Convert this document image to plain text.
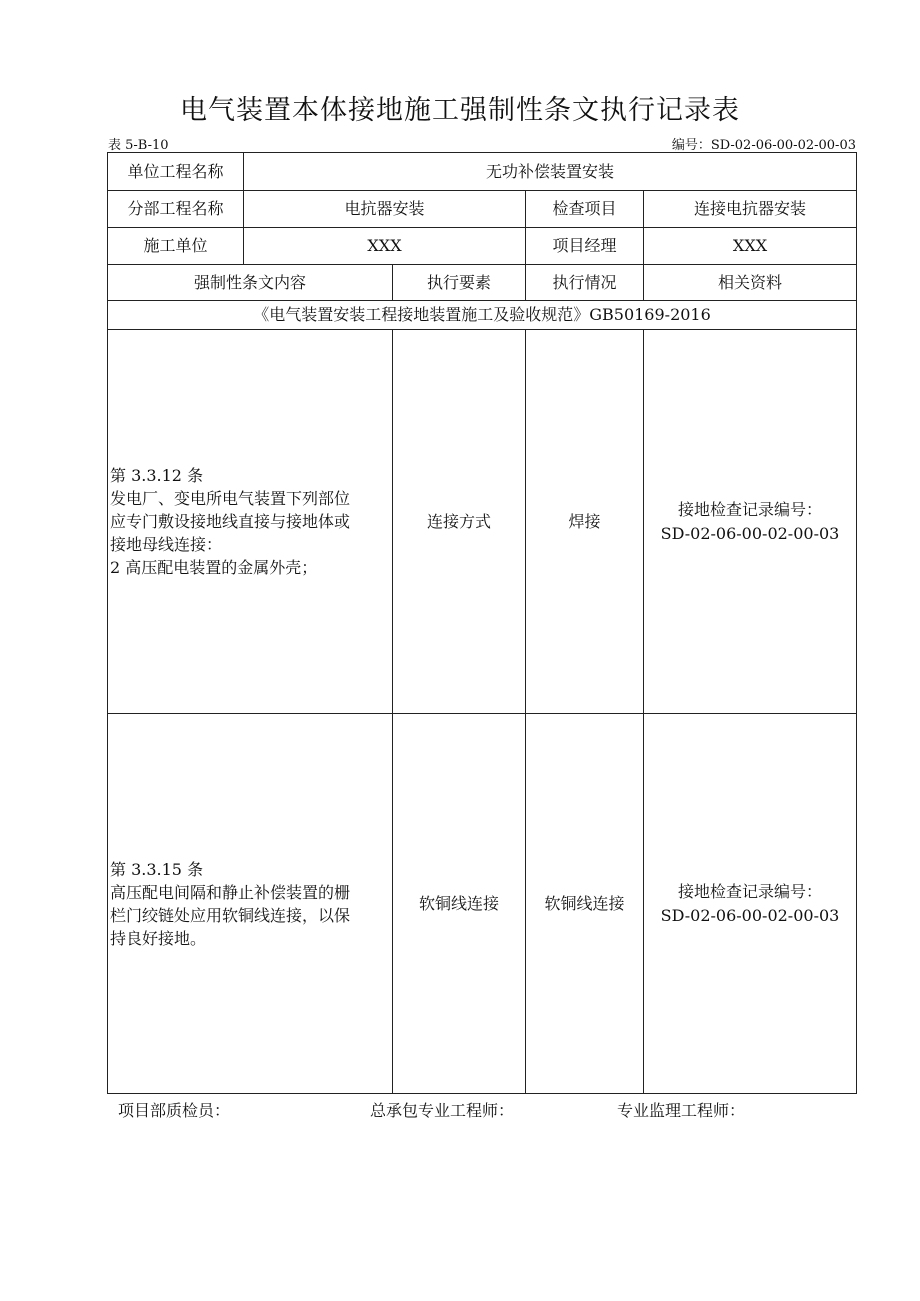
电气装置本体接地施工强制性条文执行记录表
表 5-B-10	编号：SD-02-06-00-02-00-03
单位工程名称	无功补偿装置安装			
分部工程名称	电抗器安装		检查项目	连接电抗器安装
施工单位	XXX		项目经理	XXX
强制性条文内容		执行要素	执行情况	相关资料
《电气装置安装工程接地装置施工及验收规范》GB50169-2016				

第 3.3.12 条
发电厂、变电所电气装置下列部位
应专门敷设接地线直接与接地体或
接地母线连接：
2 高压配电装置的金属外壳；		连接方式	焊接	接地检查记录编号：
SD-02-06-00-02-00-03

第 3.3.15 条
高压配电间隔和静止补偿装置的栅
栏门绞链处应用软铜线连接，以保
持良好接地。		软铜线连接	软铜线连接	接地检查记录编号：
SD-02-06-00-02-00-03
项目部质检员：	总承包专业工程师：	专业监理工程师：
